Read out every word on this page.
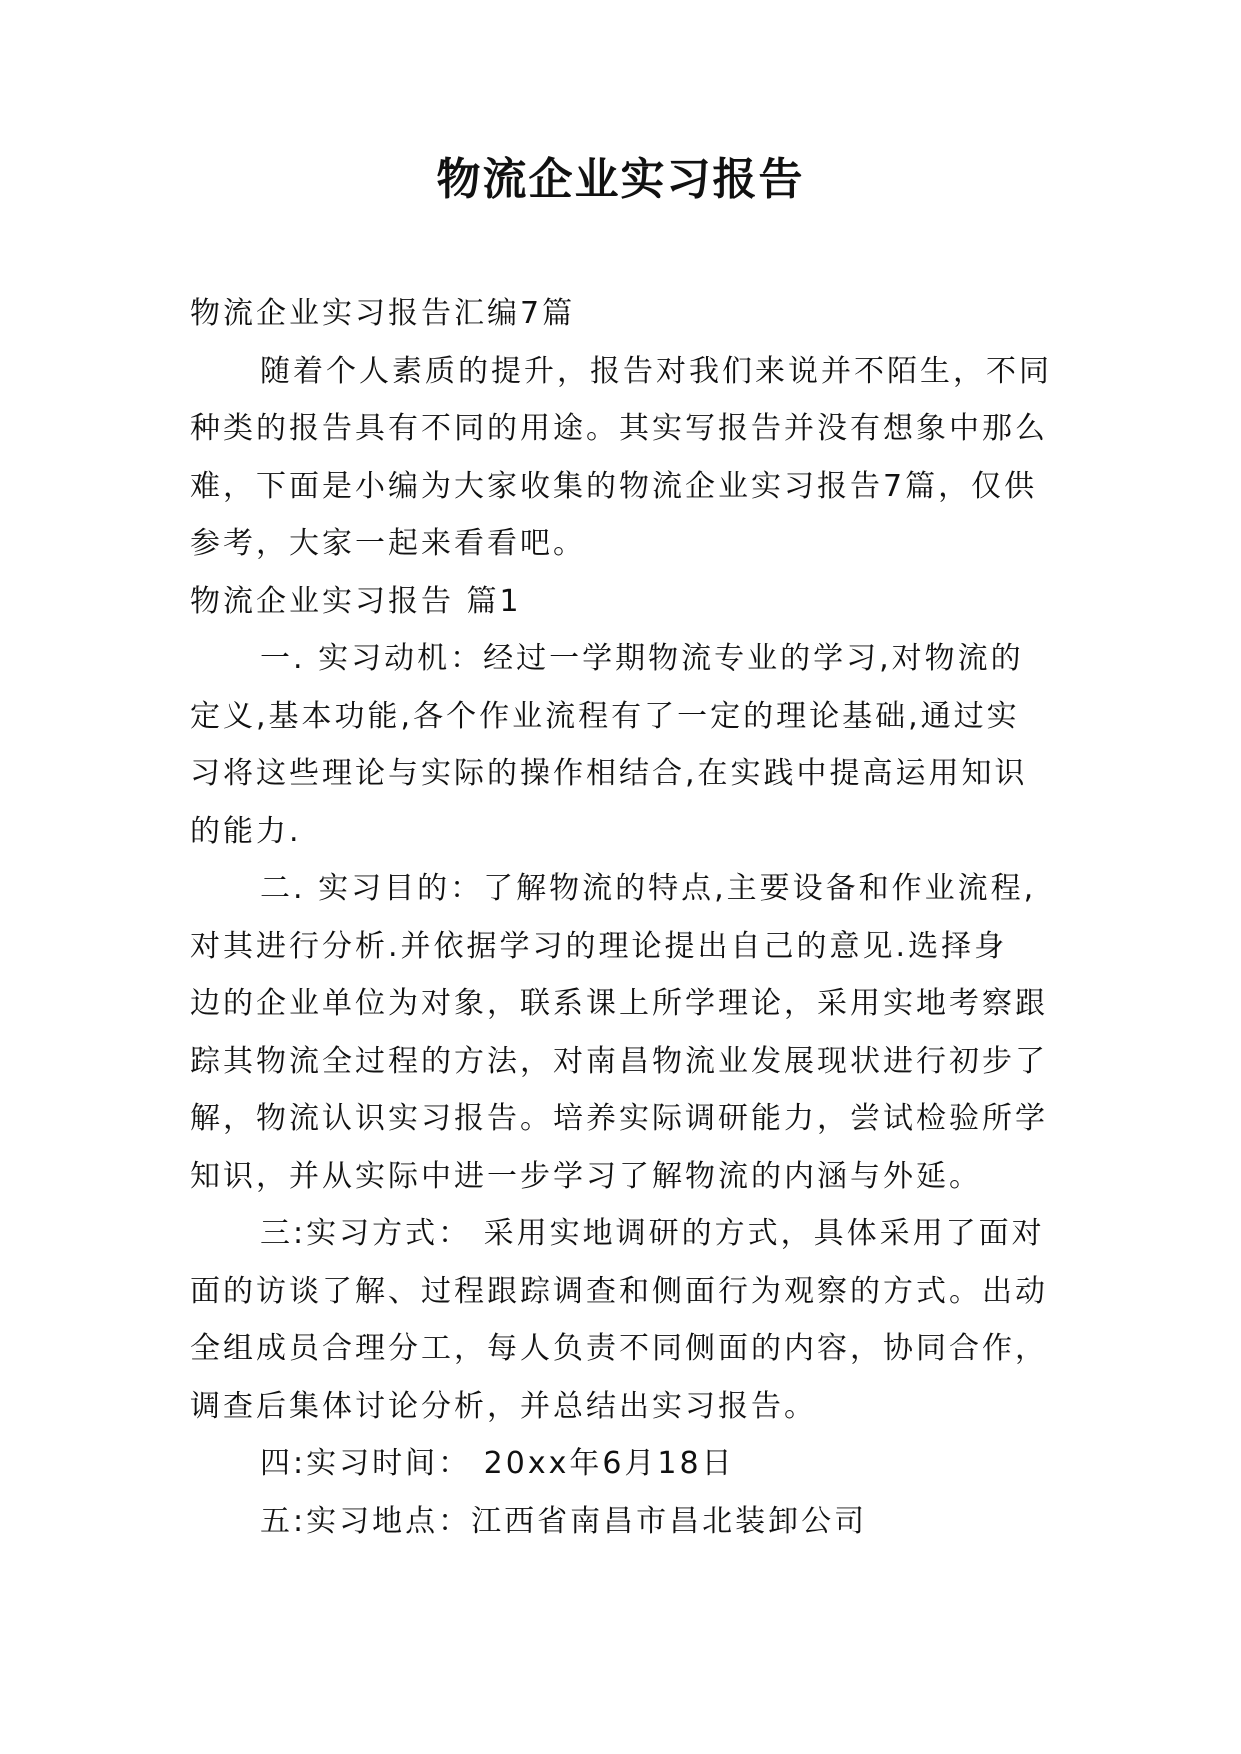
物流企业实习报告
物流企业实习报告汇编7篇
随着个人素质的提升，报告对我们来说并不陌生，不同
种类的报告具有不同的用途。其实写报告并没有想象中那么
难，下面是小编为大家收集的物流企业实习报告7篇，仅供
参考，大家一起来看看吧。
物流企业实习报告 篇1
一. 实习动机：经过一学期物流专业的学习,对物流的
定义,基本功能,各个作业流程有了一定的理论基础,通过实
习将这些理论与实际的操作相结合,在实践中提高运用知识
的能力.
二. 实习目的：了解物流的特点,主要设备和作业流程,
对其进行分析.并依据学习的理论提出自己的意见.选择身
边的企业单位为对象，联系课上所学理论，采用实地考察跟
踪其物流全过程的方法，对南昌物流业发展现状进行初步了
解，物流认识实习报告。培养实际调研能力，尝试检验所学
知识，并从实际中进一步学习了解物流的内涵与外延。
三:实习方式： 采用实地调研的方式，具体采用了面对
面的访谈了解、过程跟踪调查和侧面行为观察的方式。出动
全组成员合理分工，每人负责不同侧面的内容，协同合作，
调查后集体讨论分析，并总结出实习报告。
四:实习时间： 20xx年6月18日
五:实习地点：江西省南昌市昌北装卸公司
